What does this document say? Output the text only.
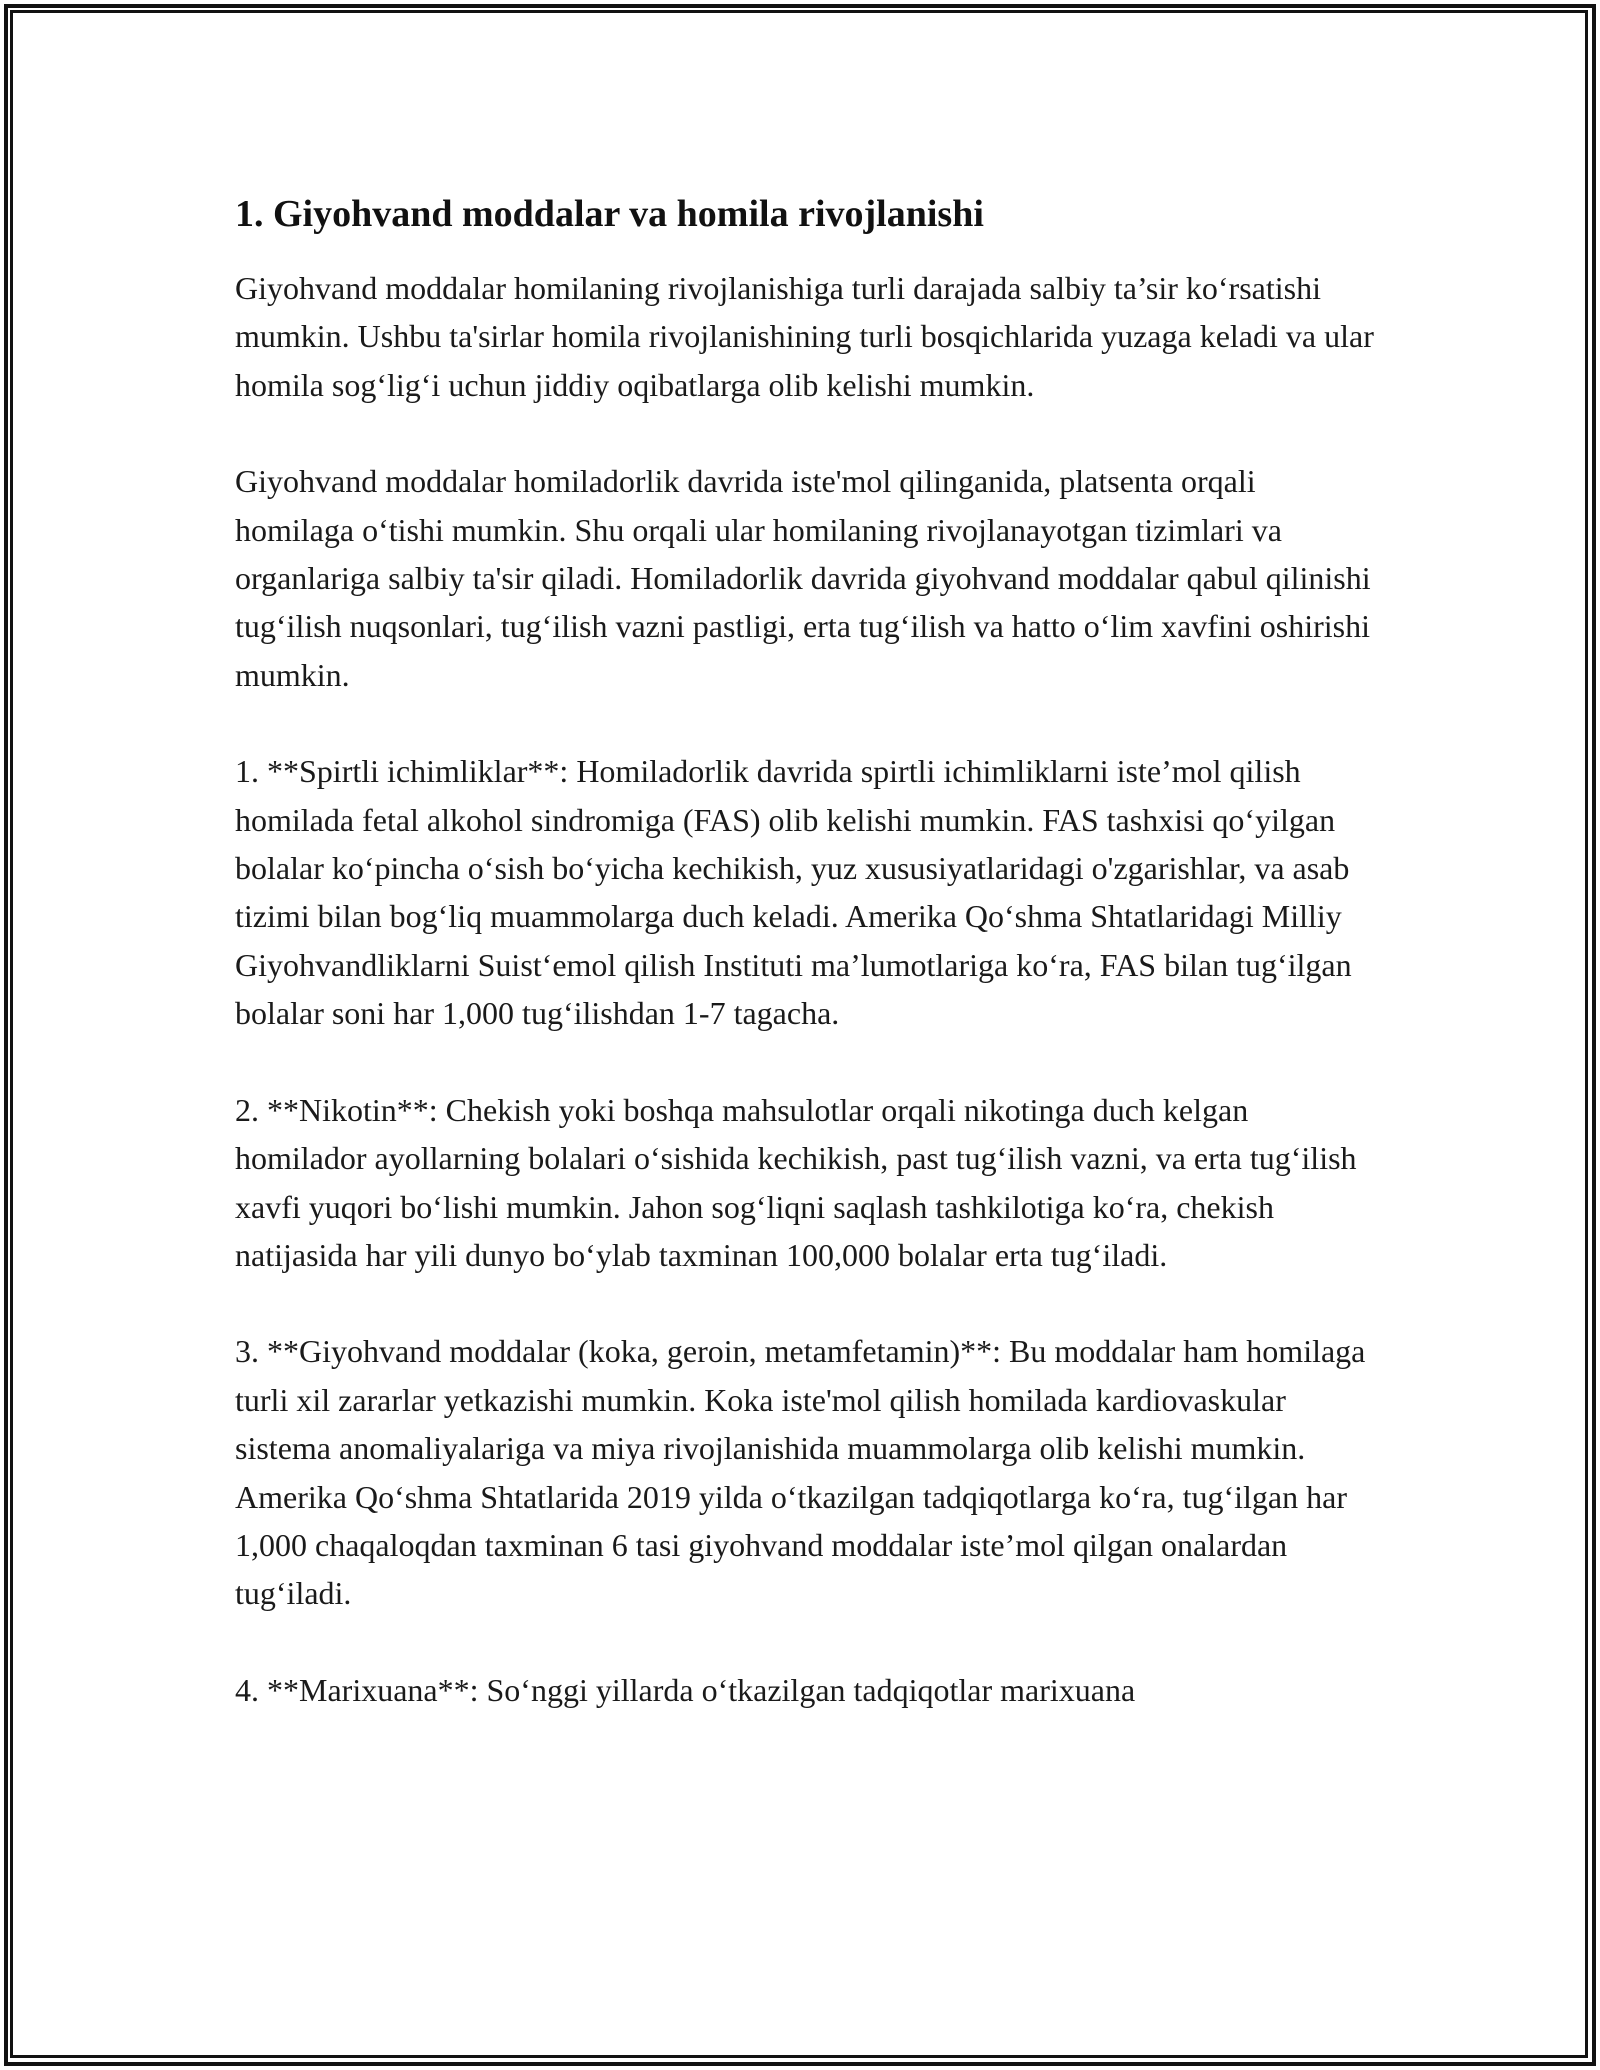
1. Giyohvand moddalar va homila rivojlanishi

Giyohvand moddalar homilaning rivojlanishiga turli darajada salbiy ta’sir ko‘rsatishi mumkin. Ushbu ta'sirlar homila rivojlanishining turli bosqichlarida yuzaga keladi va ular homila sog‘lig‘i uchun jiddiy oqibatlarga olib kelishi mumkin.

Giyohvand moddalar homiladorlik davrida iste'mol qilinganida, platsenta orqali homilaga o‘tishi mumkin. Shu orqali ular homilaning rivojlanayotgan tizimlari va organlariga salbiy ta'sir qiladi. Homiladorlik davrida giyohvand moddalar qabul qilinishi tug‘ilish nuqsonlari, tug‘ilish vazni pastligi, erta tug‘ilish va hatto o‘lim xavfini oshirishi mumkin.

1. **Spirtli ichimliklar**: Homiladorlik davrida spirtli ichimliklarni iste’mol qilish homilada fetal alkohol sindromiga (FAS) olib kelishi mumkin. FAS tashxisi qo‘yilgan bolalar ko‘pincha o‘sish bo‘yicha kechikish, yuz xususiyatlaridagi o'zgarishlar, va asab tizimi bilan bog‘liq muammolarga duch keladi. Amerika Qo‘shma Shtatlaridagi Milliy Giyohvandliklarni Suist‘emol qilish Instituti ma’lumotlariga ko‘ra, FAS bilan tug‘ilgan bolalar soni har 1,000 tug‘ilishdan 1-7 tagacha.

2. **Nikotin**: Chekish yoki boshqa mahsulotlar orqali nikotinga duch kelgan homilador ayollarning bolalari o‘sishida kechikish, past tug‘ilish vazni, va erta tug‘ilish xavfi yuqori bo‘lishi mumkin. Jahon sog‘liqni saqlash tashkilotiga ko‘ra, chekish natijasida har yili dunyo bo‘ylab taxminan 100,000 bolalar erta tug‘iladi.

3. **Giyohvand moddalar (koka, geroin, metamfetamin)**: Bu moddalar ham homilaga turli xil zararlar yetkazishi mumkin. Koka iste'mol qilish homilada kardiovaskular sistema anomaliyalariga va miya rivojlanishida muammolarga olib kelishi mumkin. Amerika Qo‘shma Shtatlarida 2019 yilda o‘tkazilgan tadqiqotlarga ko‘ra, tug‘ilgan har 1,000 chaqaloqdan taxminan 6 tasi giyohvand moddalar iste’mol qilgan onalardan tug‘iladi.

4. **Marixuana**: So‘nggi yillarda o‘tkazilgan tadqiqotlar marixuana
